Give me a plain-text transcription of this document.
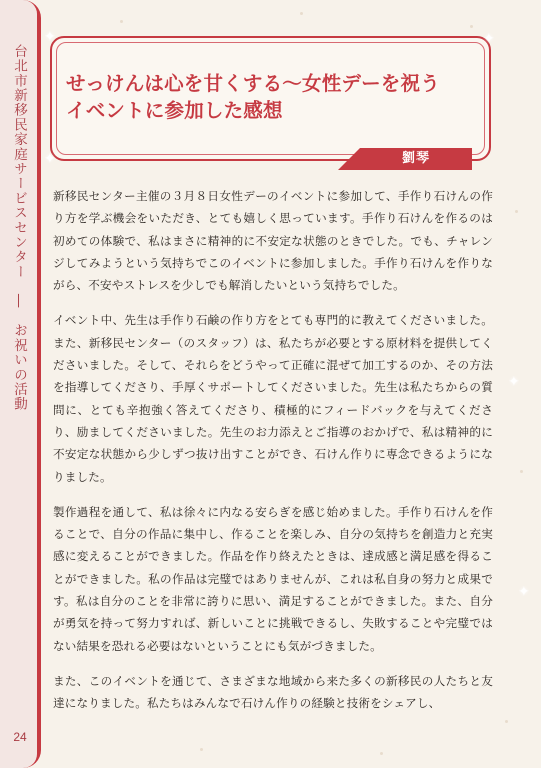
台北市新移民家庭サービスセンター　―　お祝いの活動
24
せっけんは心を甘くする～女性デーを祝う
イベントに参加した感想
✦	✦
✦
✦
✦
劉琴

新移民センター主催の３月８日女性デーのイベントに参加して、手作り石けんの作り方を学ぶ機会をいただき、とても嬉しく思っています。手作り石けんを作るのは初めての体験で、私はまさに精神的に不安定な状態のときでした。でも、チャレンジしてみようという気持ちでこのイベントに参加しました。手作り石けんを作りながら、不安やストレスを少しでも解消したいという気持ちでした。

イベント中、先生は手作り石鹸の作り方をとても専門的に教えてくださいました。また、新移民センター（のスタッフ）は、私たちが必要とする原材料を提供してくださいました。そして、それらをどうやって正確に混ぜて加工するのか、その方法を指導してくださり、手厚くサポートしてくださいました。先生は私たちからの質問に、とても辛抱強く答えてくださり、積極的にフィードバックを与えてくださり、励ましてくださいました。先生のお力添えとご指導のおかげで、私は精神的に不安定な状態から少しずつ抜け出すことができ、石けん作りに専念できるようになりました。

製作過程を通して、私は徐々に内なる安らぎを感じ始めました。手作り石けんを作ることで、自分の作品に集中し、作ることを楽しみ、自分の気持ちを創造力と充実感に変えることができました。作品を作り終えたときは、達成感と満足感を得ることができました。私の作品は完璧ではありませんが、これは私自身の努力と成果です。私は自分のことを非常に誇りに思い、満足することができました。また、自分が勇気を持って努力すれば、新しいことに挑戦できるし、失敗することや完璧ではない結果を恐れる必要はないということにも気がづきました。

また、このイベントを通じて、さまざまな地域から来た多くの新移民の人たちと友達になりました。私たちはみんなで石けん作りの経験と技術をシェアし、
